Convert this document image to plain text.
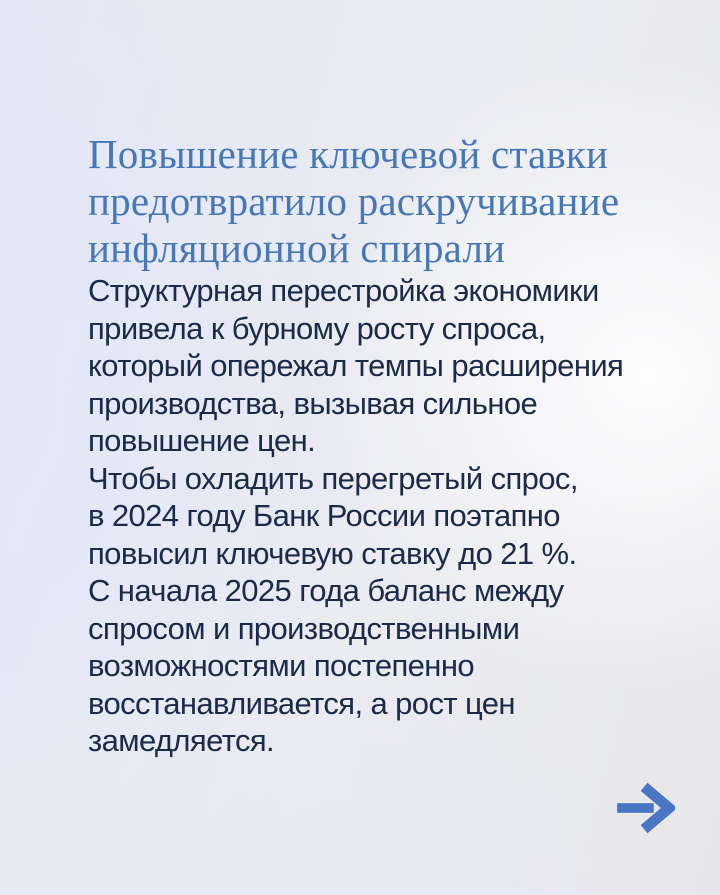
Повышение ключевой ставки
предотвратило раскручивание
инфляционной спирали

Структурная перестройка экономики
привела к бурному росту спроса,
который опережал темпы расширения
производства, вызывая сильное
повышение цен.

Чтобы охладить перегретый спрос,
в 2024 году Банк России поэтапно
повысил ключевую ставку до 21 %.

С начала 2025 года баланс между
спросом и производственными
возможностями постепенно
восстанавливается, а рост цен
замедляется.
